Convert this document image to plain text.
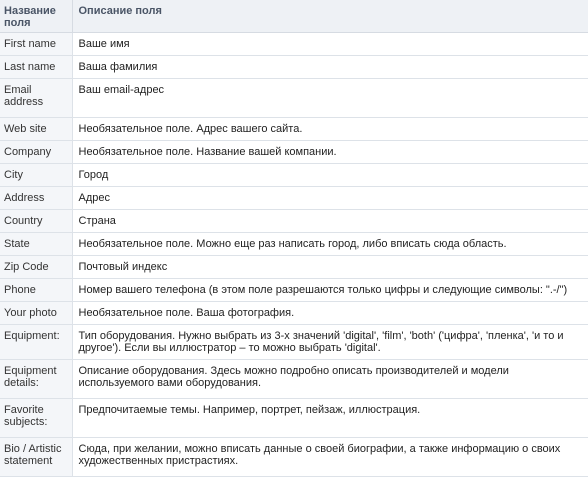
Название поля	Описание поля
First name	Ваше имя
Last name	Ваша фамилия
Email address	Ваш email-адрес
Web site	Необязательное поле. Адрес вашего сайта.
Company	Необязательное поле. Название вашей компании.
City	Город
Address	Адрес
Country	Страна
State	Необязательное поле. Можно еще раз написать город, либо вписать сюда область.
Zip Code	Почтовый индекс
Phone	Номер вашего телефона (в этом поле разрешаются только цифры и следующие символы: ".-/")
Your photo	Необязательное поле. Ваша фотография.
Equipment:	Тип оборудования. Нужно выбрать из 3-х значений 'digital', 'film', 'both' ('цифра', 'пленка', 'и то и другое'). Если вы иллюстратор – то можно выбрать 'digital'.
Equipment details:	Описание оборудования. Здесь можно подробно описать производителей и модели используемого вами оборудования.
Favorite subjects:	Предпочитаемые темы. Например, портрет, пейзаж, иллюстрация.
Bio / Artistic statement	Сюда, при желании, можно вписать данные о своей биографии, а также информацию о своих художественных пристрастиях.
